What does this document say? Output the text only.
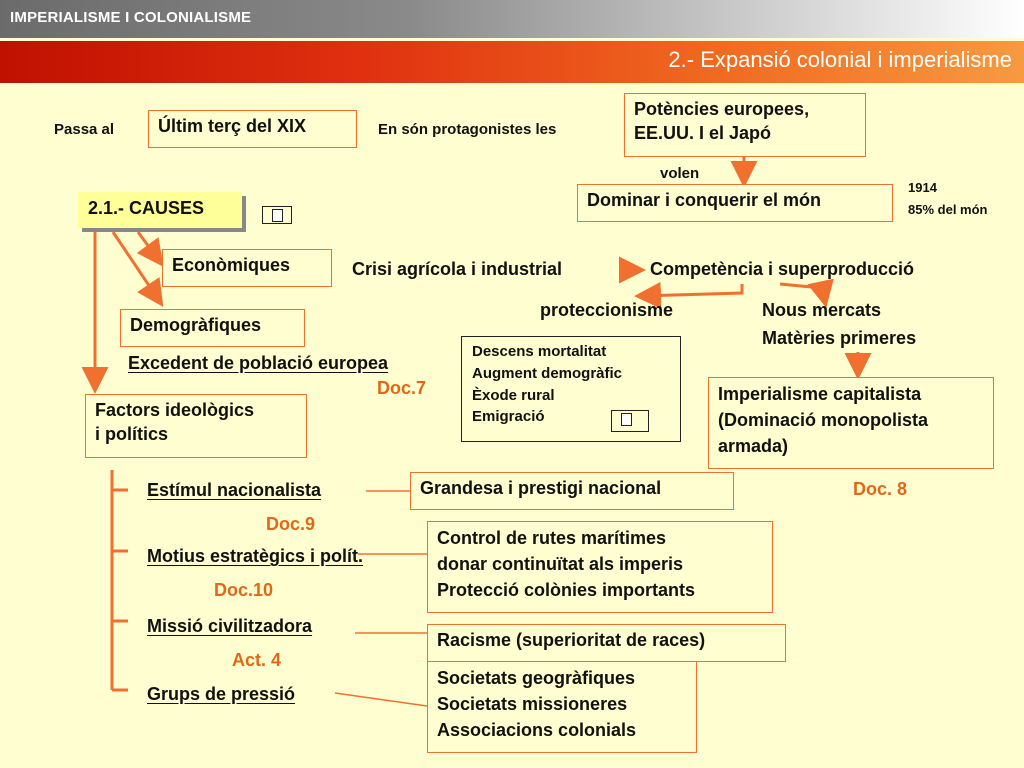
IMPERIALISME I COLONIALISME
2.- Expansió colonial i imperialisme
Passa al	Últim terç del XIX	En són protagonistes les
Potències europees,
EE.UU. I el Japó
volen
Dominar i conquerir el món
1914
85% del món
2.1.- CAUSES
Econòmiques	Crisi agrícola i industrial	Competència i superproducció
proteccionisme	Nous mercats
Matèries primeres
Demogràfiques
Excedent de població europea
Doc.7
Descens mortalitat
Augment demogràfic
Èxode rural
Emigració
Imperialisme capitalista
(Dominació monopolista
armada)
Doc. 8
Factors ideològics
i polítics
Estímul nacionalista	Grandesa i prestigi nacional
Doc.9
Motius estratègics i polít.
Control de rutes marítimes
donar continuïtat als imperis
Protecció colònies importants
Doc.10
Missió civilitzadora
Racisme (superioritat de races)
Act. 4
Grups de pressió
Societats geogràfiques
Societats missioneres
Associacions colonials
